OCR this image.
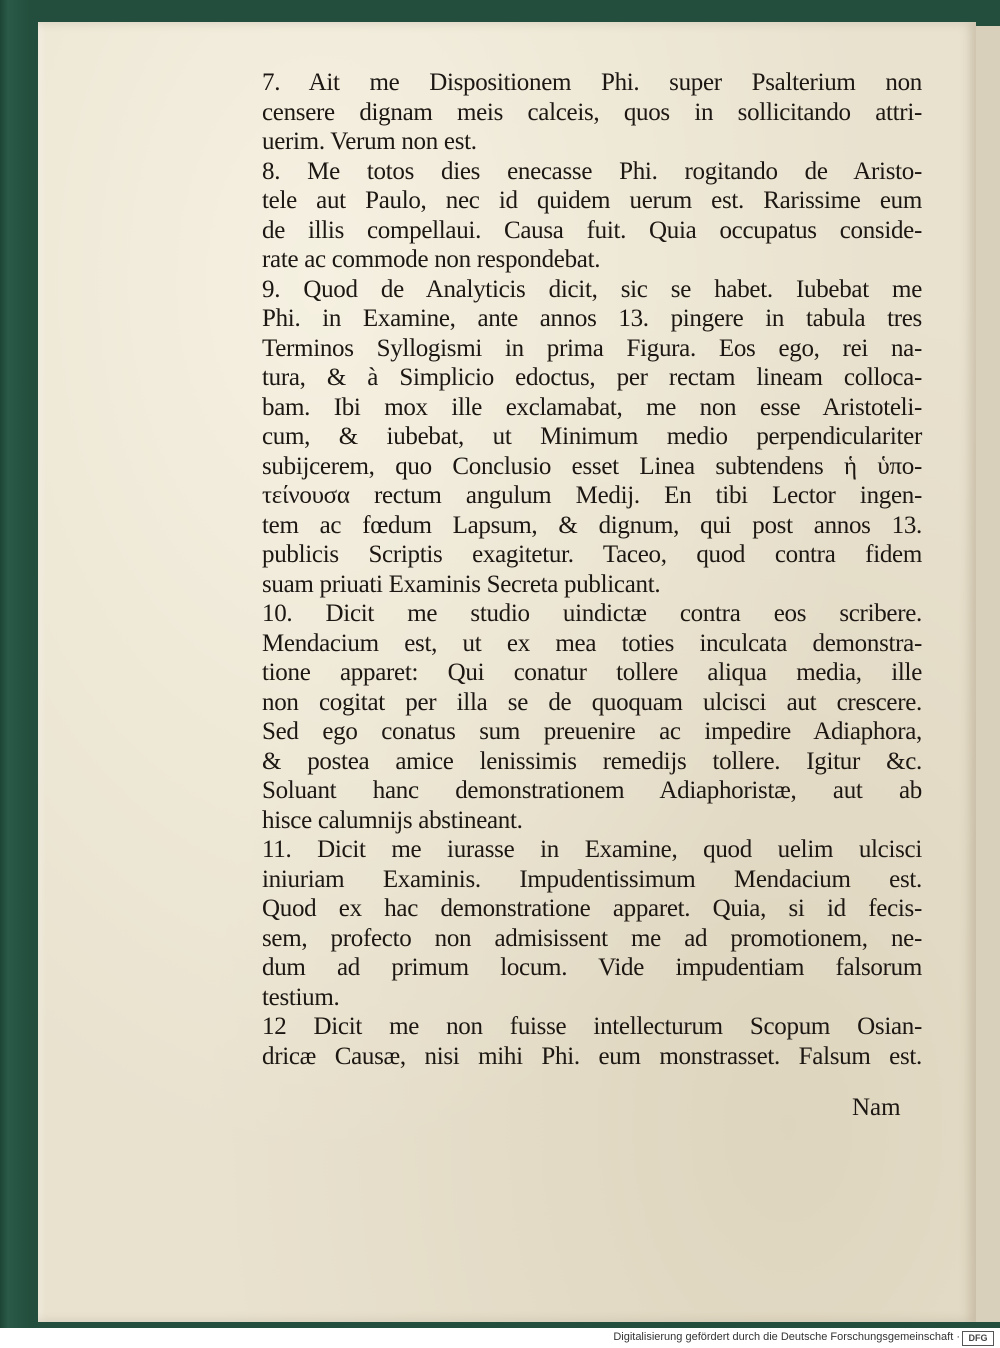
7. Ait me Dispositionem Phi. super Psalterium non
censere dignam meis calceis, quos in sollicitando attri-
uerim. Verum non est.
8. Me totos dies enecasse Phi. rogitando de Aristo-
tele aut Paulo, nec id quidem uerum est. Rarissime eum
de illis compellaui. Causa fuit. Quia occupatus conside-
rate ac commode non respondebat.
9. Quod de Analyticis dicit, sic se habet. Iubebat me
Phi. in Examine, ante annos 13. pingere in tabula tres
Terminos Syllogismi in prima Figura. Eos ego, rei na-
tura, & à Simplicio edoctus, per rectam lineam colloca-
bam. Ibi mox ille exclamabat, me non esse Aristoteli-
cum, & iubebat, ut Minimum medio perpendiculariter
subijcerem, quo Conclusio esset Linea subtendens ἡ ὑπο-
τείνουσα rectum angulum Medij. En tibi Lector ingen-
tem ac fœdum Lapsum, & dignum, qui post annos 13.
publicis Scriptis exagitetur. Taceo, quod contra fidem
suam priuati Examinis Secreta publicant.
10. Dicit me studio uindictæ contra eos scribere.
Mendacium est, ut ex mea toties inculcata demonstra-
tione apparet: Qui conatur tollere aliqua media, ille
non cogitat per illa se de quoquam ulcisci aut crescere.
Sed ego conatus sum preuenire ac impedire Adiaphora,
& postea amice lenissimis remedijs tollere. Igitur &c.
Soluant hanc demonstrationem Adiaphoristæ, aut ab
hisce calumnijs abstineant.
11. Dicit me iurasse in Examine, quod uelim ulcisci
iniuriam Examinis. Impudentissimum Mendacium est.
Quod ex hac demonstratione apparet. Quia, si id fecis-
sem, profecto non admisissent me ad promotionem, ne-
dum ad primum locum. Vide impudentiam falsorum
testium.
12 Dicit me non fuisse intellecturum Scopum Osian-
dricæ Causæ, nisi mihi Phi. eum monstrasset. Falsum est.
Nam
Digitalisierung gefördert durch die Deutsche Forschungsgemeinschaft · DFG
